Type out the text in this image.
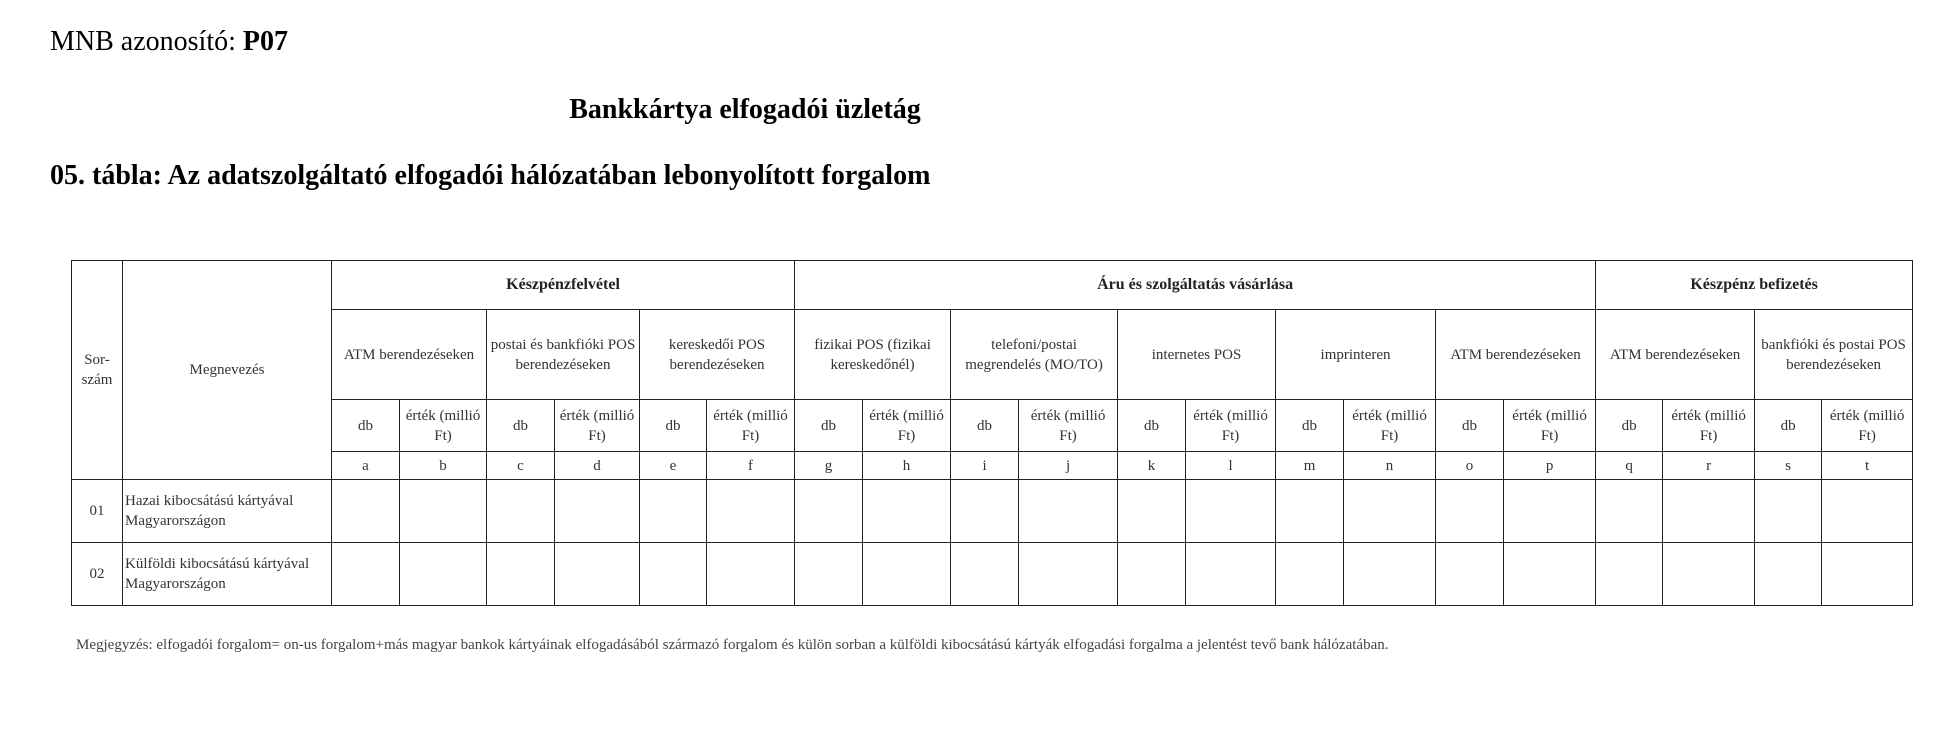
MNB azonosító: P07
Bankkártya elfogadói üzletág
05. tábla: Az adatszolgáltató elfogadói hálózatában lebonyolított forgalom
Sor-szám	Megnevezés	Készpénzfelvétel						Áru és szolgáltatás vásárlása										Készpénz befizetés			
		ATM berendezéseken		postai és bankfióki POS berendezéseken		kereskedői POS berendezéseken		fizikai POS (fizikai kereskedőnél)		telefoni/postai megrendelés (MO/TO)		internetes POS		imprinteren		ATM berendezéseken		ATM berendezéseken		bankfióki és postai POS berendezéseken	
		db	érték (millió Ft)	db	érték (millió Ft)	db	érték (millió Ft)	db	érték (millió Ft)	db	érték (millió Ft)	db	érték (millió Ft)	db	érték (millió Ft)	db	érték (millió Ft)	db	érték (millió Ft)	db	érték (millió Ft)
		a	b	c	d	e	f	g	h	i	j	k	l	m	n	o	p	q	r	s	t
01	Hazai kibocsátású kártyával Magyarországon																				
02	Külföldi kibocsátású kártyával Magyarországon																				
Megjegyzés: elfogadói forgalom= on-us forgalom+más magyar bankok kártyáinak elfogadásából származó forgalom és külön sorban a külföldi kibocsátású kártyák elfogadási forgalma a jelentést tevő bank hálózatában.
